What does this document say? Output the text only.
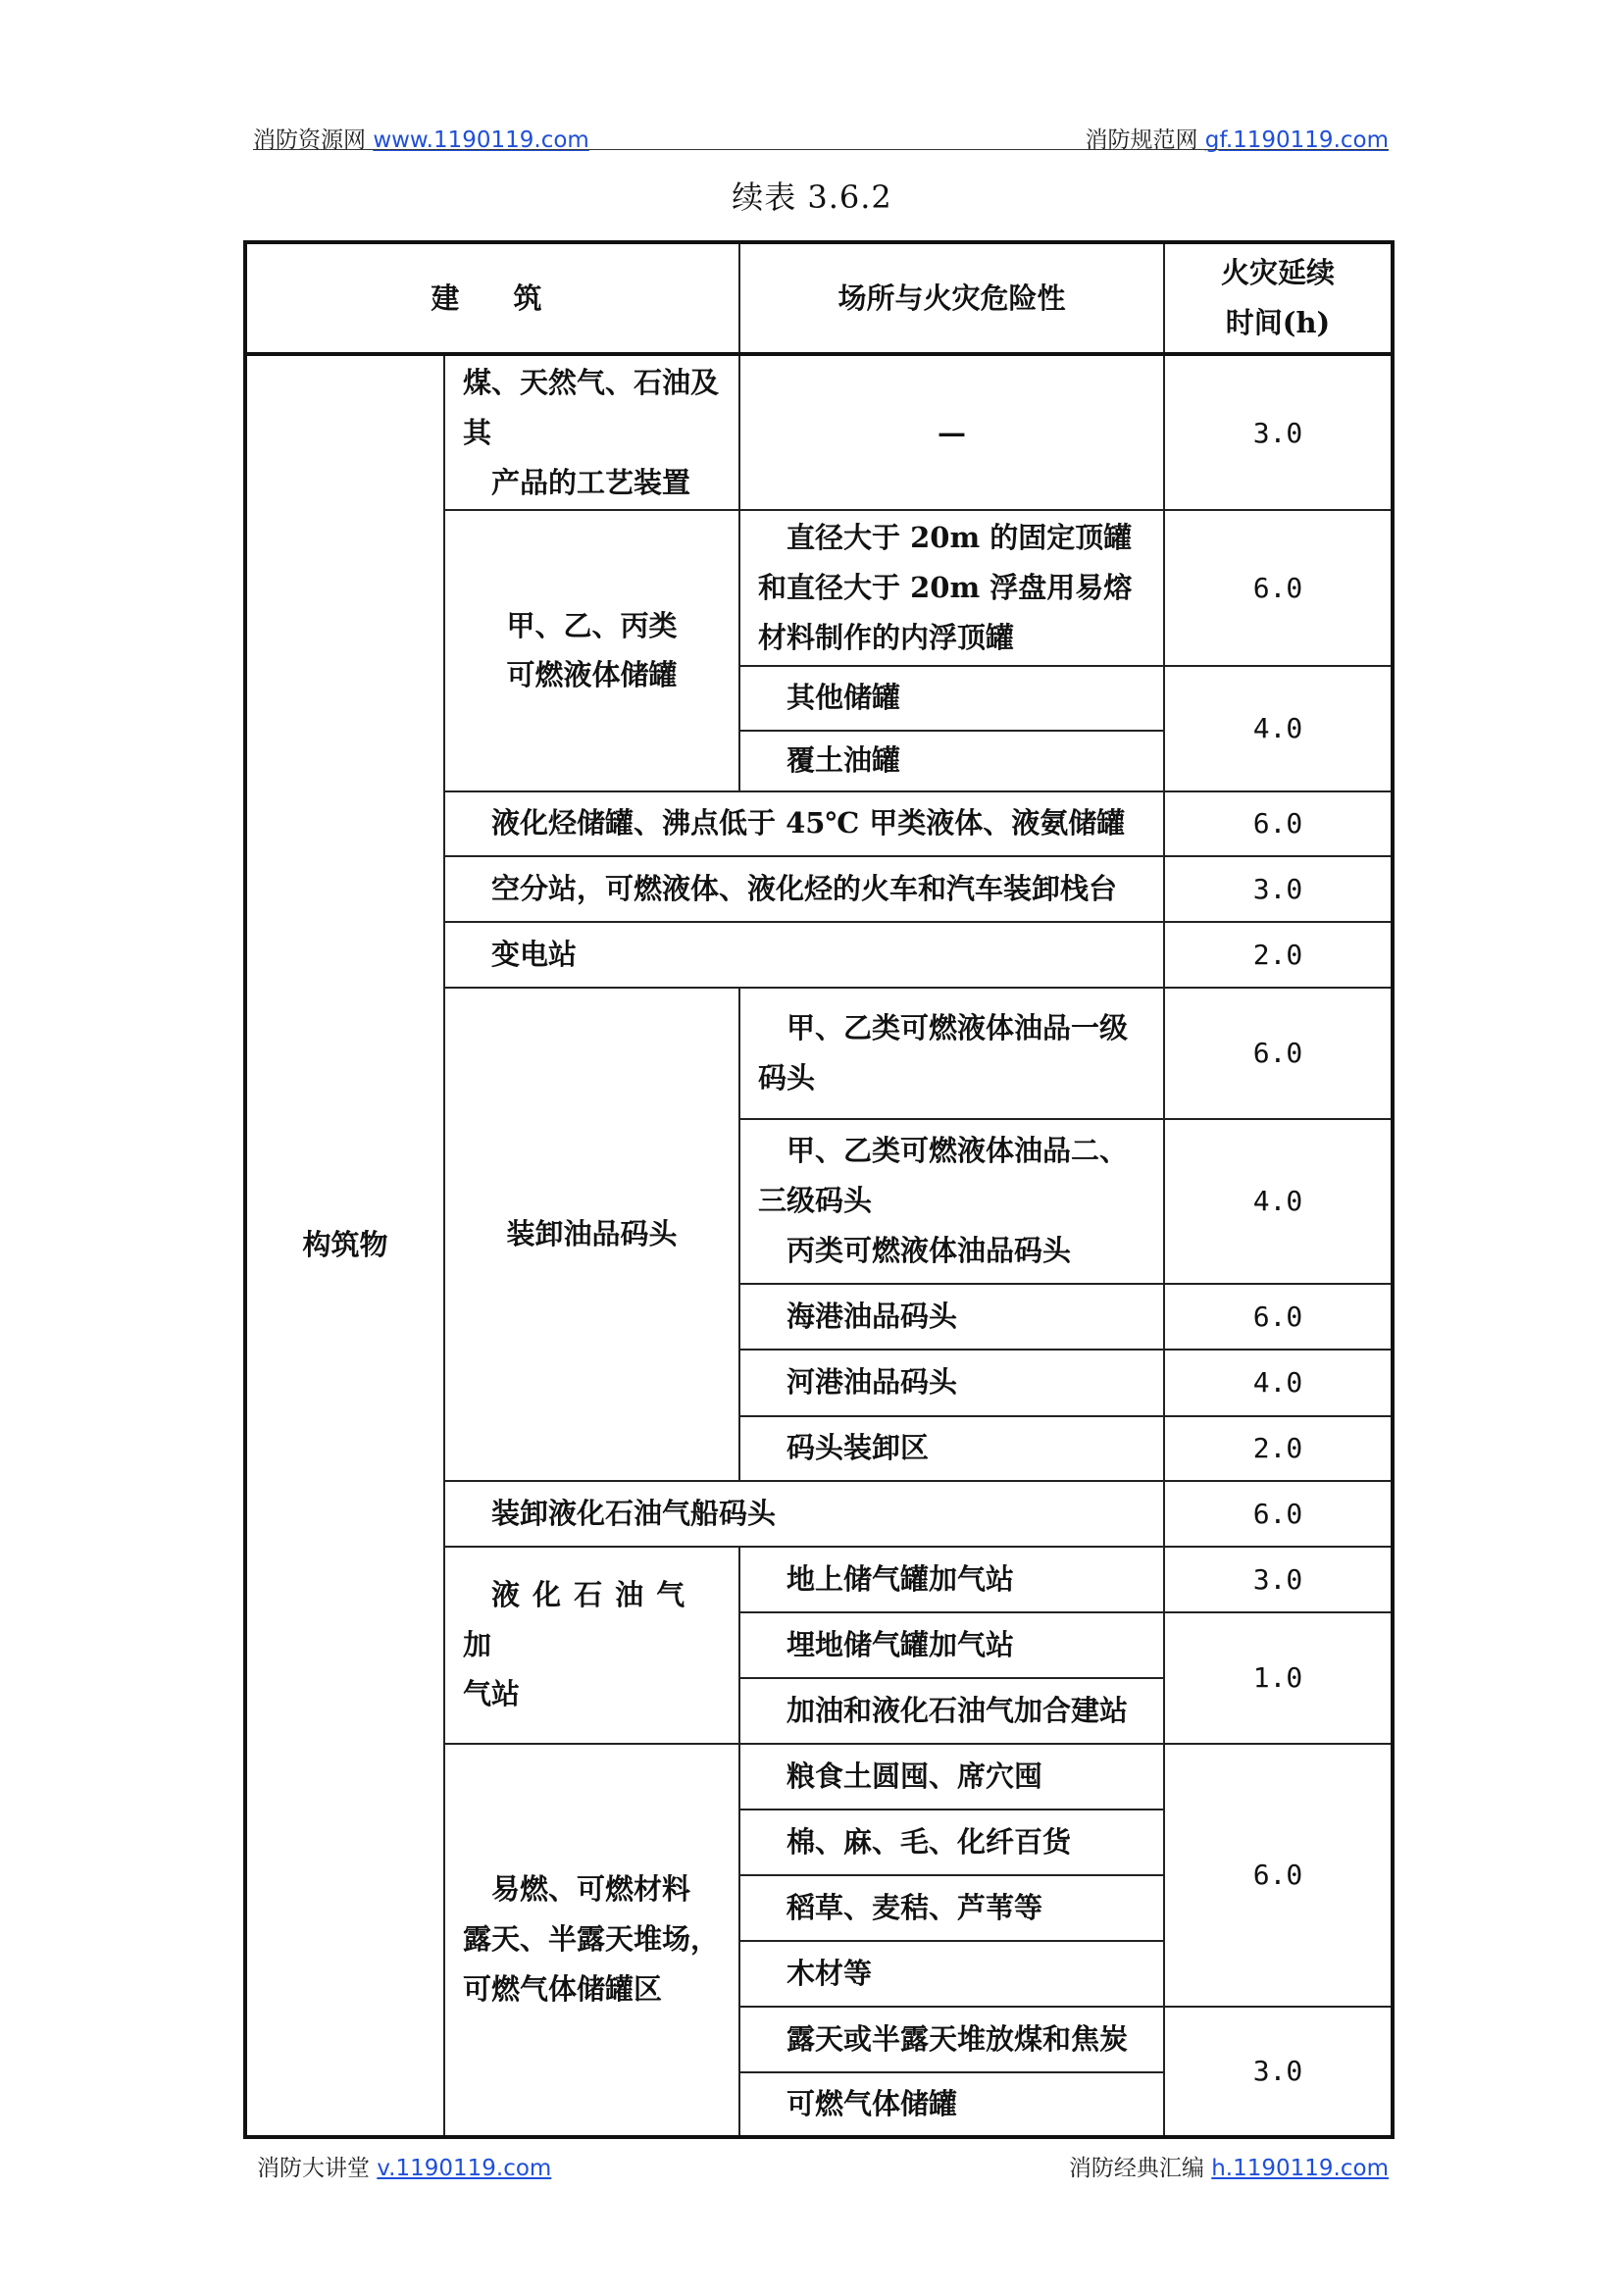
消防资源网 www.1190119.com	消防规范网 gf.1190119.com
续表 3.6.2
建　筑		场所与火灾危险性	火灾延续
时间(h)

构筑物	煤、天然气、石油及其
产品的工艺装置	—	3.0

	甲、乙、丙类
可燃液体储罐	直径大于 20m 的固定顶罐
和直径大于 20m 浮盘用易熔
材料制作的内浮顶罐	6.0
		其他储罐	4.0
		覆土油罐	
	液化烃储罐、沸点低于 45℃ 甲类液体、液氨储罐		6.0
	空分站，可燃液体、液化烃的火车和汽车装卸栈台		3.0
	变电站		2.0
	装卸油品码头	甲、乙类可燃液体油品一级
码头	6.0

		甲、乙类可燃液体油品二、
三级码头
丙类可燃液体油品码头	4.0
		海港油品码头	6.0
		河港油品码头	4.0
		码头装卸区	2.0
	装卸液化石油气船码头		6.0

	液化石油气加
气站	地上储气罐加气站	3.0
		埋地储气罐加气站	1.0
		加油和液化石油气加合建站	

	易燃、可燃材料
露天、半露天堆场，
可燃气体储罐区	粮食土圆囤、席穴囤	6.0
		棉、麻、毛、化纤百货	
		稻草、麦秸、芦苇等	
		木材等	
		露天或半露天堆放煤和焦炭	3.0
		可燃气体储罐	
消防大讲堂 v.1190119.com	消防经典汇编 h.1190119.com
